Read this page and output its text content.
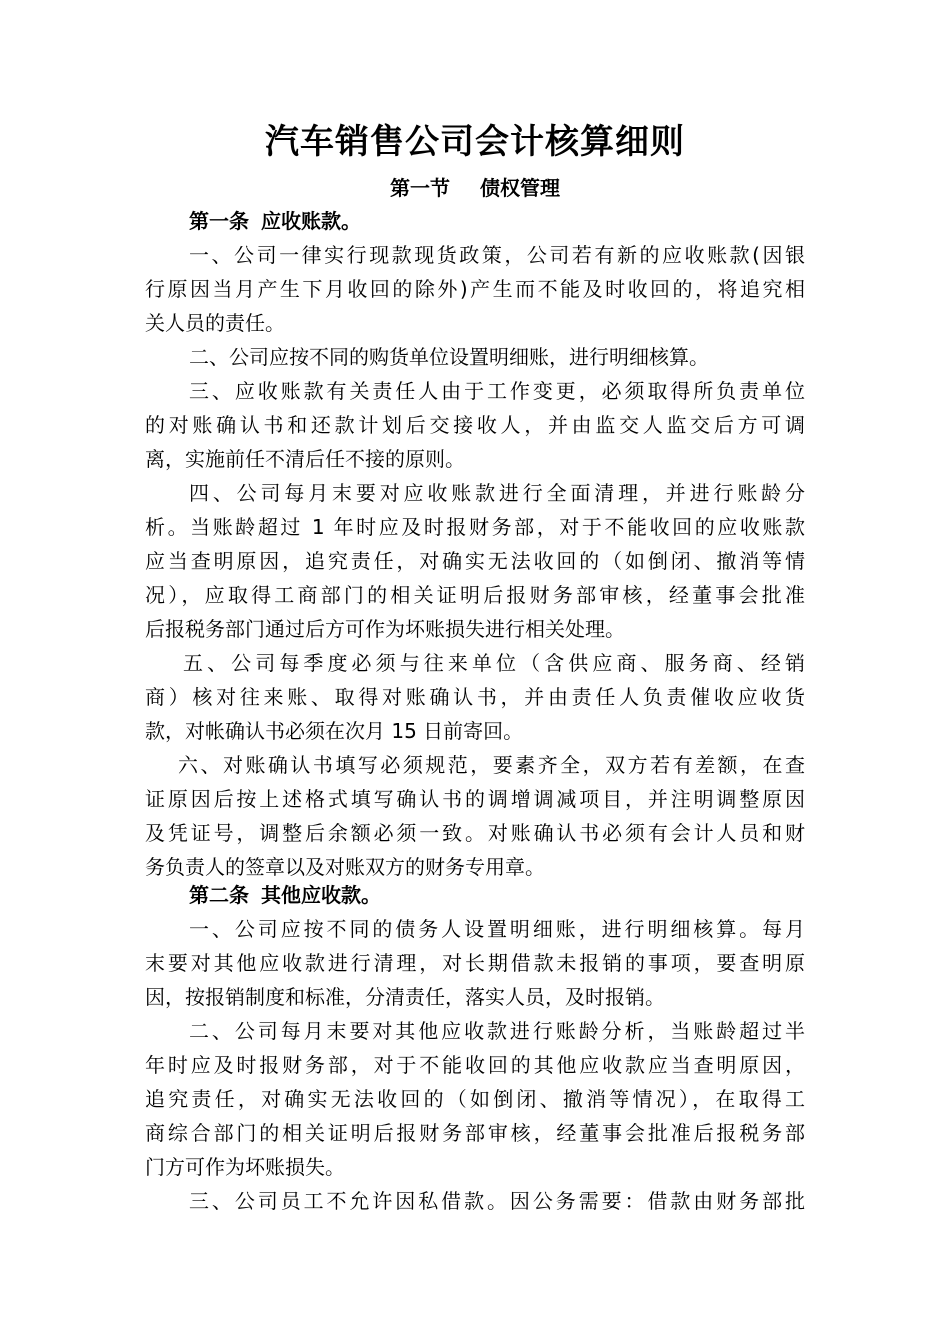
汽车销售公司会计核算细则
第一节 债权管理
第一条 应收账款。
一、公司一律实行现款现货政策，公司若有新的应收账款(因银
行原因当月产生下月收回的除外)产生而不能及时收回的，将追究相
关人员的责任。
二、公司应按不同的购货单位设置明细账，进行明细核算。
三、应收账款有关责任人由于工作变更，必须取得所负责单位
的对账确认书和还款计划后交接收人，并由监交人监交后方可调
离，实施前任不清后任不接的原则。
四、公司每月末要对应收账款进行全面清理，并进行账龄分
析。当账龄超过 1 年时应及时报财务部，对于不能收回的应收账款
应当查明原因，追究责任，对确实无法收回的（如倒闭、撤消等情
况），应取得工商部门的相关证明后报财务部审核，经董事会批准
后报税务部门通过后方可作为坏账损失进行相关处理。
五、公司每季度必须与往来单位（含供应商、服务商、经销
商）核对往来账、取得对账确认书，并由责任人负责催收应收货
款，对帐确认书必须在次月 15 日前寄回。
六、对账确认书填写必须规范，要素齐全，双方若有差额，在查
证原因后按上述格式填写确认书的调增调减项目，并注明调整原因
及凭证号，调整后余额必须一致。对账确认书必须有会计人员和财
务负责人的签章以及对账双方的财务专用章。
第二条 其他应收款。
一、公司应按不同的债务人设置明细账，进行明细核算。每月
末要对其他应收款进行清理，对长期借款未报销的事项，要查明原
因，按报销制度和标准，分清责任，落实人员，及时报销。
二、公司每月末要对其他应收款进行账龄分析，当账龄超过半
年时应及时报财务部，对于不能收回的其他应收款应当查明原因，
追究责任，对确实无法收回的（如倒闭、撤消等情况），在取得工
商综合部门的相关证明后报财务部审核，经董事会批准后报税务部
门方可作为坏账损失。
三、公司员工不允许因私借款。因公务需要：借款由财务部批
